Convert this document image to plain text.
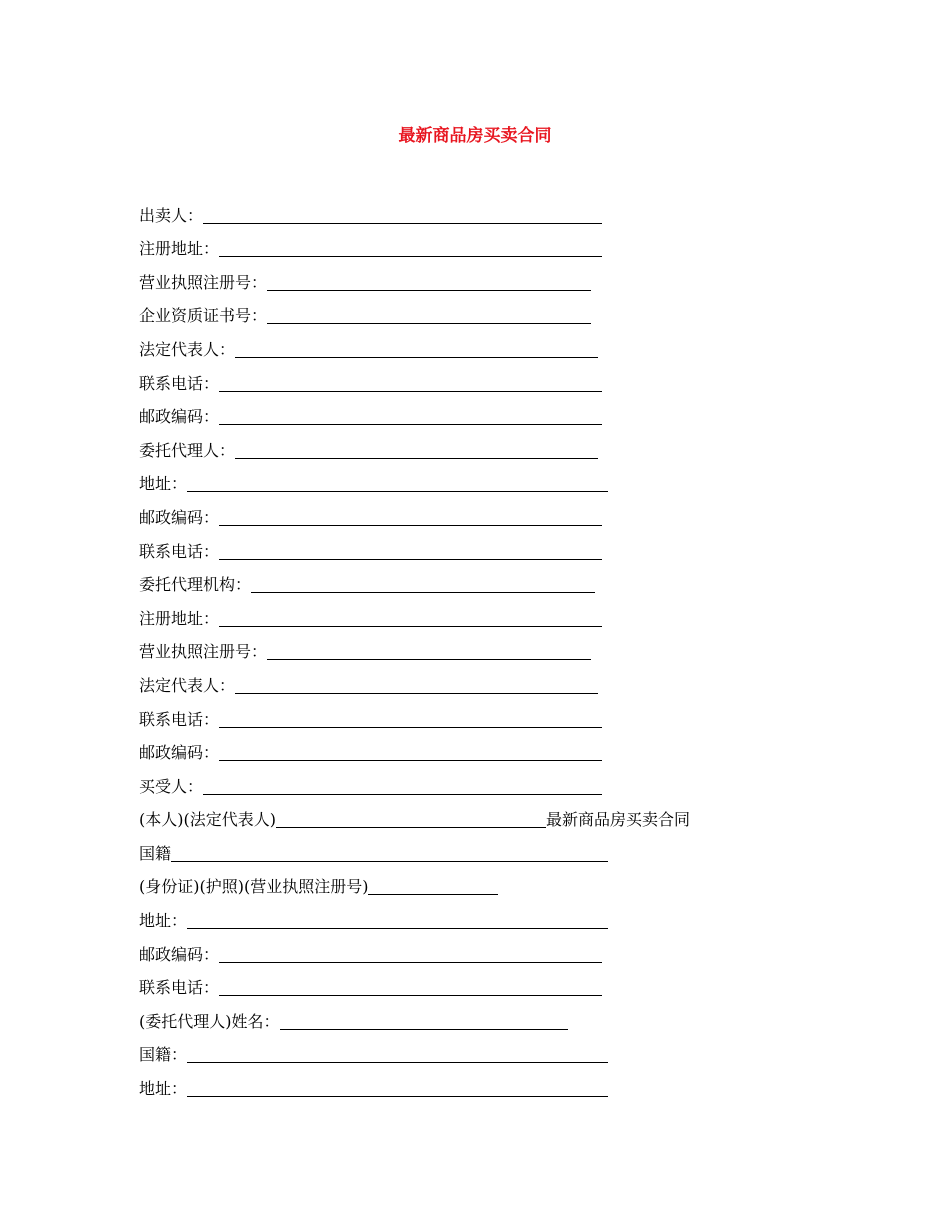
最新商品房买卖合同
出卖人：
注册地址：
营业执照注册号：
企业资质证书号：
法定代表人：
联系电话：
邮政编码：
委托代理人：
地址：
邮政编码：
联系电话：
委托代理机构：
注册地址：
营业执照注册号：
法定代表人：
联系电话：
邮政编码：
买受人：
(本人)(法定代表人)	最新商品房买卖合同
国籍
(身份证)(护照)(营业执照注册号)
地址：
邮政编码：
联系电话：
(委托代理人)姓名：
国籍：
地址：
